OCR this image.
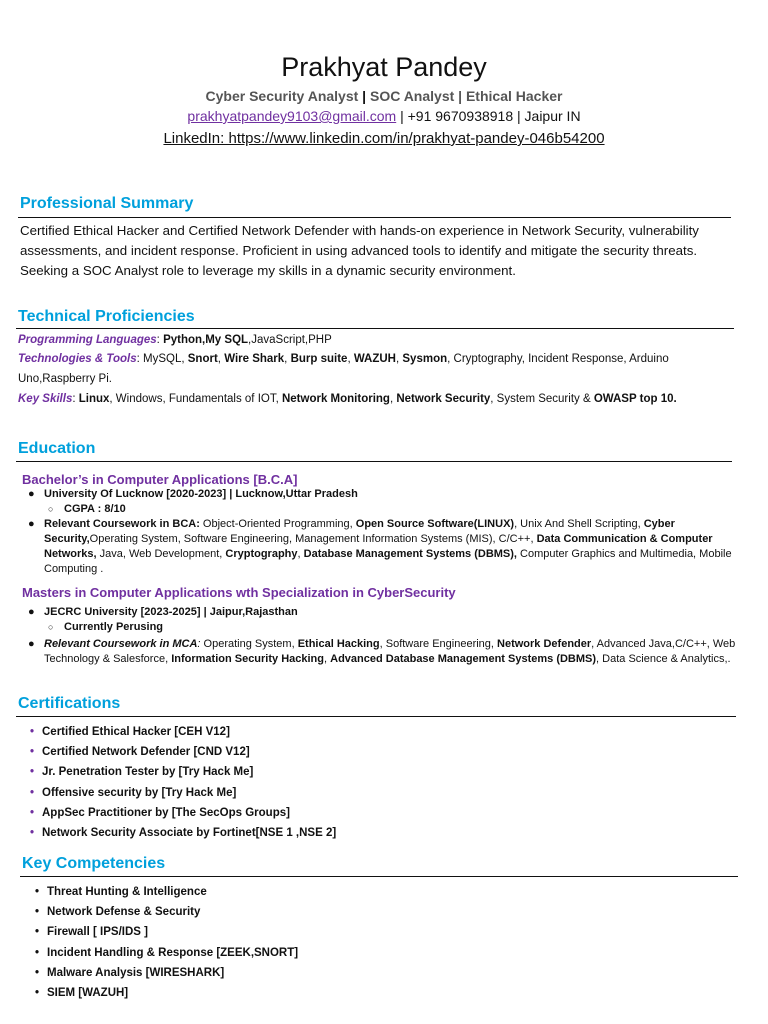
Prakhyat Pandey
Cyber Security Analyst | SOC Analyst | Ethical Hacker
prakhyatpandey9103@gmail.com | +91 9670938918 | Jaipur IN
LinkedIn: https://www.linkedin.com/in/prakhyat-pandey-046b54200
Professional Summary
Certified Ethical Hacker and Certified Network Defender with hands-on experience in Network Security, vulnerability assessments, and incident response. Proficient in using advanced tools to identify and mitigate the security threats. Seeking a SOC Analyst role to leverage my skills in a dynamic security environment.
Technical Proficiencies
Programming Languages: Python,My SQL,JavaScript,PHP
Technologies & Tools: MySQL, Snort, Wire Shark, Burp suite, WAZUH, Sysmon, Cryptography, Incident Response, Arduino Uno,Raspberry Pi.
Key Skills: Linux, Windows, Fundamentals of IOT, Network Monitoring, Network Security, System Security & OWASP top 10.
Education
Bachelor’s in Computer Applications [B.C.A]
● University Of Lucknow [2020-2023] | Lucknow,Uttar Pradesh
○ CGPA : 8/10
● Relevant Coursework in BCA: Object-Oriented Programming, Open Source Software(LINUX), Unix And Shell Scripting, Cyber Security,Operating System, Software Engineering, Management Information Systems (MIS), C/C++, Data Communication & Computer Networks, Java, Web Development, Cryptography, Database Management Systems (DBMS), Computer Graphics and Multimedia, Mobile Computing .
Masters in Computer Applications wth Specialization in CyberSecurity
● JECRC University [2023-2025] | Jaipur,Rajasthan
○ Currently Perusing
● Relevant Coursework in MCA: Operating System, Ethical Hacking, Software Engineering, Network Defender, Advanced Java,C/C++, Web Technology & Salesforce, Information Security Hacking, Advanced Database Management Systems (DBMS), Data Science & Analytics,.
Certifications
• Certified Ethical Hacker [CEH V12]
• Certified Network Defender [CND V12]
• Jr. Penetration Tester by [Try Hack Me]
• Offensive security by [Try Hack Me]
• AppSec Practitioner by [The SecOps Groups]
• Network Security Associate by Fortinet[NSE 1 ,NSE 2]
Key Competencies
• Threat Hunting & Intelligence
• Network Defense & Security
• Firewall [ IPS/IDS ]
• Incident Handling & Response [ZEEK,SNORT]
• Malware Analysis [WIRESHARK]
• SIEM [WAZUH]
